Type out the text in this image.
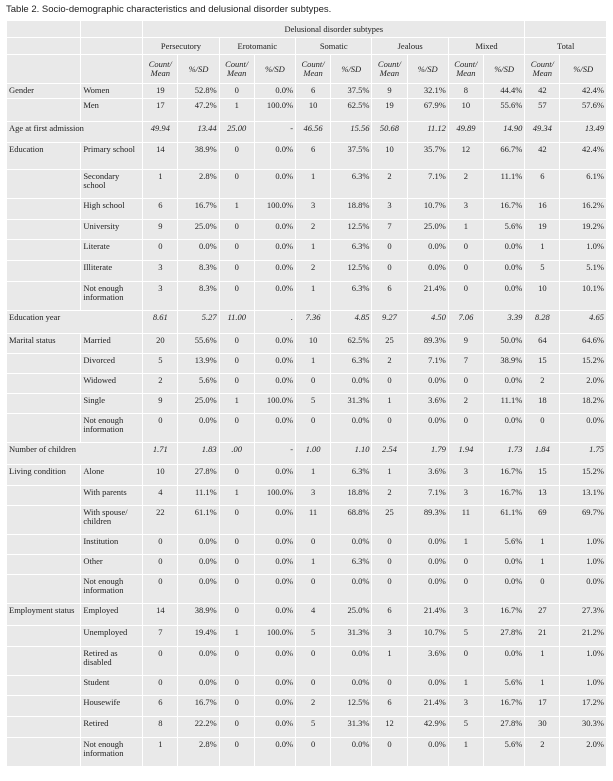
Table 2. Socio-demographic characteristics and delusional disorder subtypes.
		Delusional disorder subtypes											
		Persecutory		Erotomanic		Somatic		Jealous		Mixed		Total	
		Count/ Mean	%/SD	Count/ Mean	%/SD	Count/ Mean	%/SD	Count/ Mean	%/SD	Count/ Mean	%/SD	Count/ Mean	%/SD
Gender	Women	19	52.8%	0	0.0%	6	37.5%	9	32.1%	8	44.4%	42	42.4%
	Men	17	47.2%	1	100.0%	10	62.5%	19	67.9%	10	55.6%	57	57.6%
Age at first admission		49.94	13.44	25.00	-	46.56	15.56	50.68	11.12	49.89	14.90	49.34	13.49
Education	Primary school	14	38.9%	0	0.0%	6	37.5%	10	35.7%	12	66.7%	42	42.4%
	Secondary school	1	2.8%	0	0.0%	1	6.3%	2	7.1%	2	11.1%	6	6.1%
	High school	6	16.7%	1	100.0%	3	18.8%	3	10.7%	3	16.7%	16	16.2%
	University	9	25.0%	0	0.0%	2	12.5%	7	25.0%	1	5.6%	19	19.2%
	Literate	0	0.0%	0	0.0%	1	6.3%	0	0.0%	0	0.0%	1	1.0%
	Illiterate	3	8.3%	0	0.0%	2	12.5%	0	0.0%	0	0.0%	5	5.1%
	Not enough information	3	8.3%	0	0.0%	1	6.3%	6	21.4%	0	0.0%	10	10.1%
Education year		8.61	5.27	11.00	.	7.36	4.85	9.27	4.50	7.06	3.39	8.28	4.65
Marital status	Married	20	55.6%	0	0.0%	10	62.5%	25	89.3%	9	50.0%	64	64.6%
	Divorced	5	13.9%	0	0.0%	1	6.3%	2	7.1%	7	38.9%	15	15.2%
	Widowed	2	5.6%	0	0.0%	0	0.0%	0	0.0%	0	0.0%	2	2.0%
	Single	9	25.0%	1	100.0%	5	31.3%	1	3.6%	2	11.1%	18	18.2%
	Not enough information	0	0.0%	0	0.0%	0	0.0%	0	0.0%	0	0.0%	0	0.0%
Number of children		1.71	1.83	.00	-	1.00	1.10	2.54	1.79	1.94	1.73	1.84	1.75
Living condition	Alone	10	27.8%	0	0.0%	1	6.3%	1	3.6%	3	16.7%	15	15.2%
	With parents	4	11.1%	1	100.0%	3	18.8%	2	7.1%	3	16.7%	13	13.1%
	With spouse/ children	22	61.1%	0	0.0%	11	68.8%	25	89.3%	11	61.1%	69	69.7%
	Institution	0	0.0%	0	0.0%	0	0.0%	0	0.0%	1	5.6%	1	1.0%
	Other	0	0.0%	0	0.0%	1	6.3%	0	0.0%	0	0.0%	1	1.0%
	Not enough information	0	0.0%	0	0.0%	0	0.0%	0	0.0%	0	0.0%	0	0.0%
Employment status	Employed	14	38.9%	0	0.0%	4	25.0%	6	21.4%	3	16.7%	27	27.3%
	Unemployed	7	19.4%	1	100.0%	5	31.3%	3	10.7%	5	27.8%	21	21.2%
	Retired as disabled	0	0.0%	0	0.0%	0	0.0%	1	3.6%	0	0.0%	1	1.0%
	Student	0	0.0%	0	0.0%	0	0.0%	0	0.0%	1	5.6%	1	1.0%
	Housewife	6	16.7%	0	0.0%	2	12.5%	6	21.4%	3	16.7%	17	17.2%
	Retired	8	22.2%	0	0.0%	5	31.3%	12	42.9%	5	27.8%	30	30.3%
	Not enough information	1	2.8%	0	0.0%	0	0.0%	0	0.0%	1	5.6%	2	2.0%
